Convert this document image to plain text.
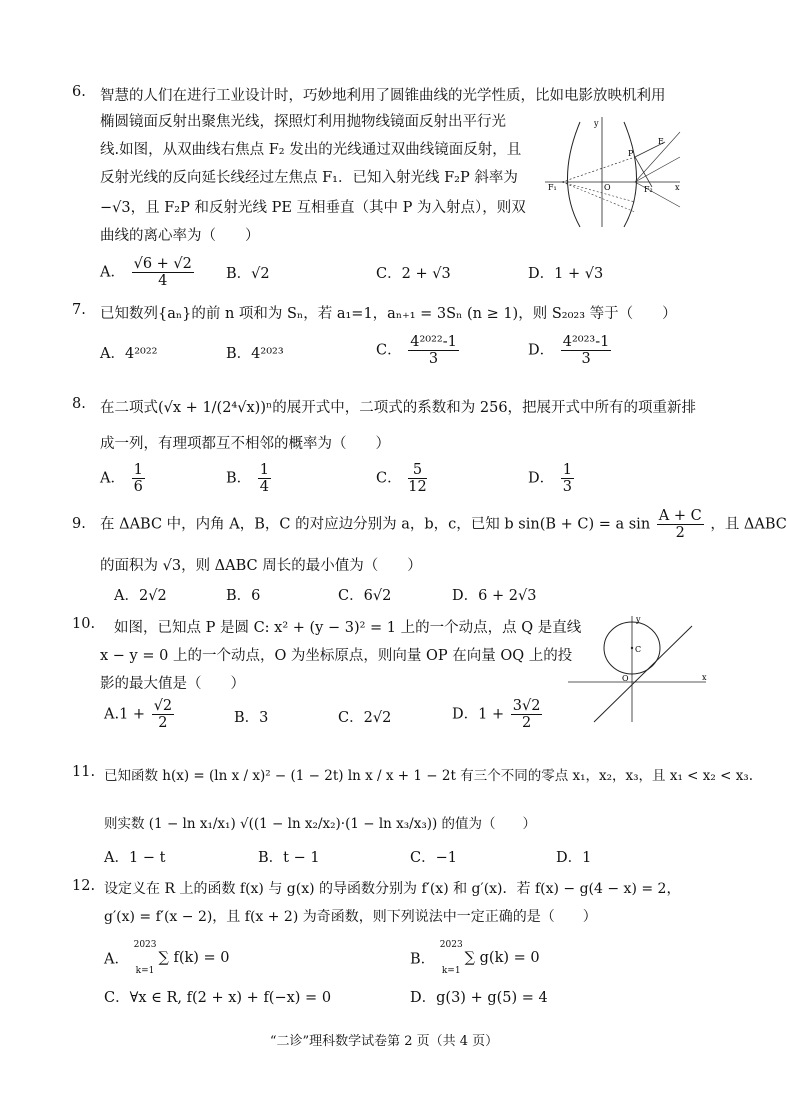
6. 智慧的人们在进行工业设计时，巧妙地利用了圆锥曲线的光学性质，比如电影放映机利用
椭圆镜面反射出聚焦光线，探照灯利用抛物线镜面反射出平行光
线.如图，从双曲线右焦点 F₂ 发出的光线通过双曲线镜面反射，且
反射光线的反向延长线经过左焦点 F₁．已知入射光线 F₂P 斜率为
−√3，且 F₂P 和反射光线 PE 互相垂直（其中 P 为入射点），则双
曲线的离心率为（　　）
y
x
E
P
F₁	F₂
O
A． $\frac{√6 + √2}{4}$ B．√2	C．2 + √3	D．1 + √3
7. 已知数列{aₙ}的前 n 项和为 Sₙ，若 a₁=1，aₙ₊₁ = 3Sₙ (n ≥ 1)，则 S₂₀₂₃ 等于（　　）
A．4²⁰²²	B．4²⁰²³	C． $\frac{\text{4²⁰²²-1}}{3}$	D． $\frac{\text{4²⁰²³-1}}{3}$
8. 在二项式(√x + 1/(2⁴√x))ⁿ的展开式中，二项式的系数和为 256，把展开式中所有的项重新排
成一列，有理项都互不相邻的概率为（　　）
A． $\frac{1}{6}$	B． $\frac{1}{4}$	C． $\frac{5}{12}$	D． $\frac{1}{3}$
9. 在 ΔABC 中，内角 A，B，C 的对应边分别为 a，b，c，已知 b sin(B + C) = a $\sin \frac{A + C}{2}$ ，且 ΔABC
的面积为 √3，则 ΔABC 周长的最小值为（　　）
A．2√2	B．6	C．6√2	D．6 + 2√3
10. 如图，已知点 P 是圆 C: x² + (y − 3)² = 1 上的一个动点，点 Q 是直线
x − y = 0 上的一个动点，O 为坐标原点，则向量 OP 在向量 OQ 上的投
影的最大值是（　　）
y
x
C
O
$A.1 + \frac{√2}{2}$	B．3	C．2√2	D．$1 + \frac{3√2}{2}$
11. 已知函数 h(x) = (ln x / x)² − (1 − 2t) ln x / x + 1 − 2t 有三个不同的零点 x₁，x₂，x₃，且 x₁ < x₂ < x₃.
则实数 (1 − ln x₁/x₁) √((1 − ln x₂/x₂)·(1 − ln x₃/x₃)) 的值为（　　）
A．1 − t	B．t − 1	C．−1	D．1
12. 设定义在 R 上的函数 f(x) 与 g(x) 的导函数分别为 f′(x) 和 g′(x)．若 f(x) − g(4 − x) = 2，
g′(x) = f′(x − 2)，且 f(x + 2) 为奇函数，则下列说法中一定正确的是（　　）
A．
2023
k=1
∑ f(k) = 0	B．
2023
k=1
∑ g(k) = 0
C．∀x ∈ R, f(2 + x) + f(−x) = 0	D．g(3) + g(5) = 4
“二诊”理科数学试卷第 2 页（共 4 页）
